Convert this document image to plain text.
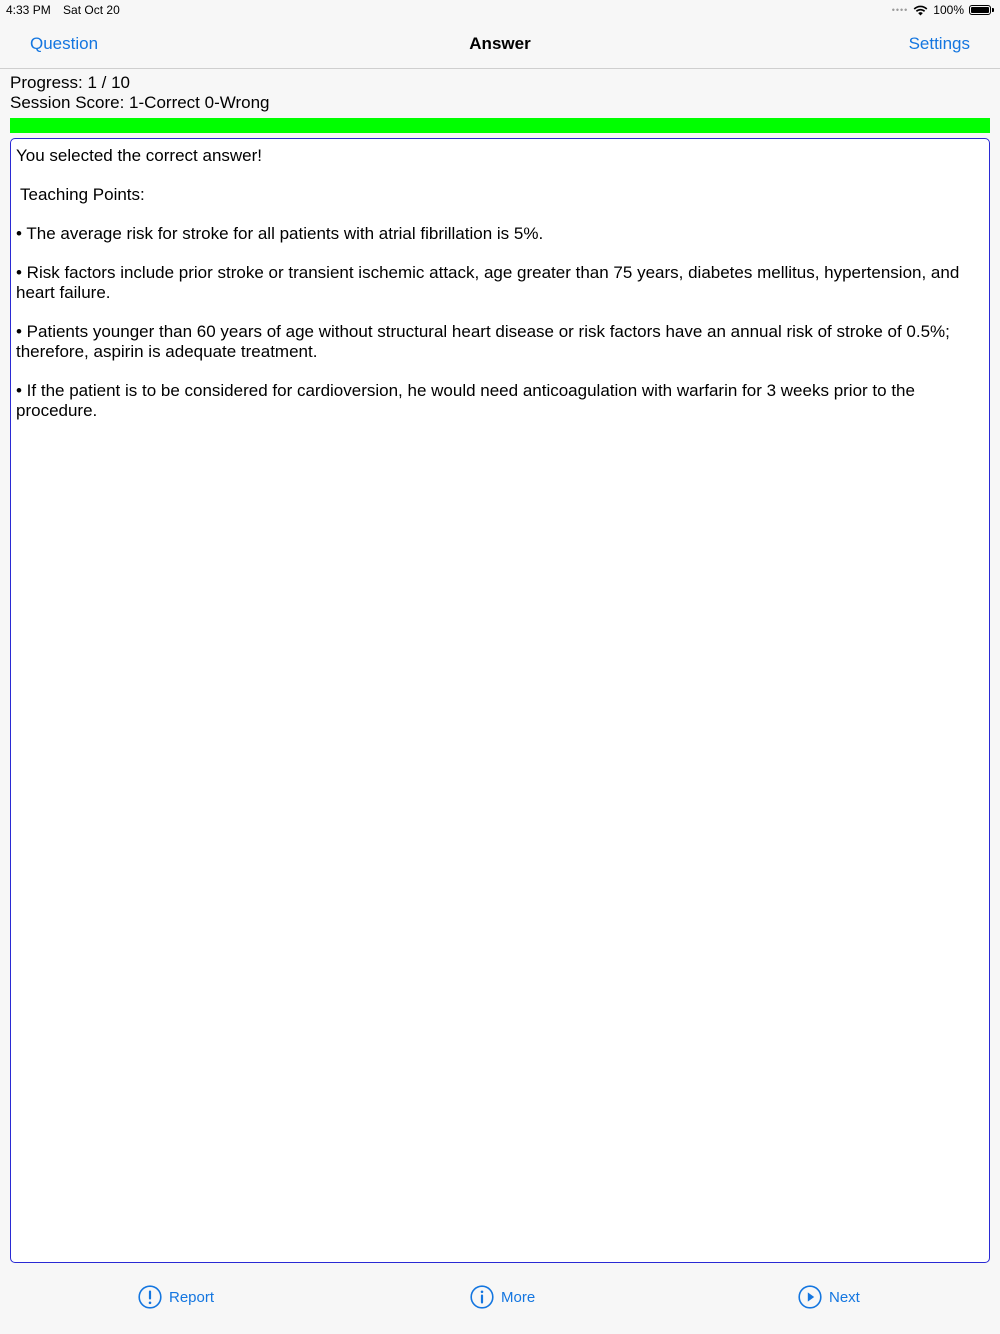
4:33 PM Sat Oct 20	•••• 100%
Question	Answer	Settings
Progress: 1 / 10
Session Score: 1-Correct 0-Wrong

You selected the correct answer!

Teaching Points:

• The average risk for stroke for all patients with atrial fibrillation is 5%.

• Risk factors include prior stroke or transient ischemic attack, age greater than 75 years, diabetes mellitus, hypertension, and heart failure.

• Patients younger than 60 years of age without structural heart disease or risk factors have an annual risk of stroke of 0.5%; therefore, aspirin is adequate treatment.

• If the patient is to be considered for cardioversion, he would need anticoagulation with warfarin for 3 weeks prior to the procedure.

Report	More	Next
